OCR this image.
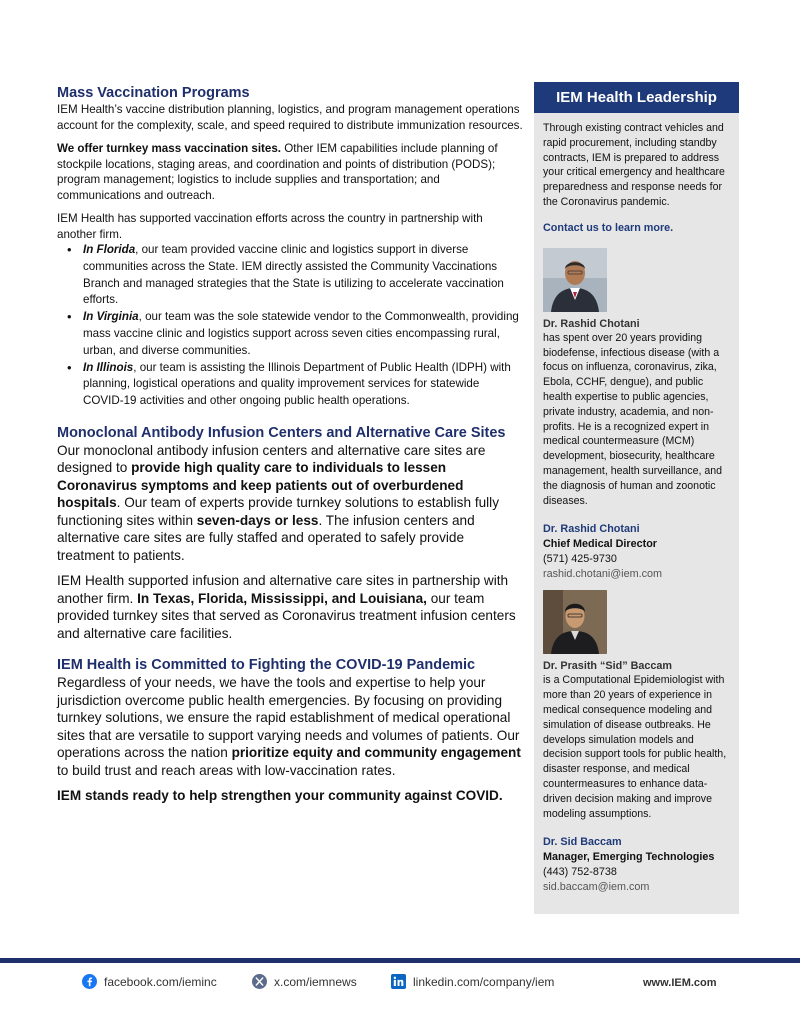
Mass Vaccination Programs

IEM Health’s vaccine distribution planning, logistics, and program management operations account for the complexity, scale, and speed required to distribute immunization resources.

We offer turnkey mass vaccination sites. Other IEM capabilities include planning of stockpile locations, staging areas, and coordination and points of distribution (PODS); program management; logistics to include supplies and transportation; and communications and outreach.

IEM Health has supported vaccination efforts across the country in partnership with another firm.

• In Florida, our team provided vaccine clinic and logistics support in diverse communities across the State. IEM directly assisted the Community Vaccinations Branch and managed strategies that the State is utilizing to accelerate vaccination efforts.
• In Virginia, our team was the sole statewide vendor to the Commonwealth, providing mass vaccine clinic and logistics support across seven cities encompassing rural, urban, and diverse communities.
• In Illinois, our team is assisting the Illinois Department of Public Health (IDPH) with planning, logistical operations and quality improvement services for statewide COVID-19 activities and other ongoing public health operations.
Monoclonal Antibody Infusion Centers and Alternative Care Sites

Our monoclonal antibody infusion centers and alternative care sites are designed to provide high quality care to individuals to lessen Coronavirus symptoms and keep patients out of overburdened hospitals. Our team of experts provide turnkey solutions to establish fully functioning sites within seven-days or less. The infusion centers and alternative care sites are fully staffed and operated to safely provide treatment to patients.

IEM Health supported infusion and alternative care sites in partnership with another firm. In Texas, Florida, Mississippi, and Louisiana, our team provided turnkey sites that served as Coronavirus treatment infusion centers and alternative care facilities.

IEM Health is Committed to Fighting the COVID-19 Pandemic

Regardless of your needs, we have the tools and expertise to help your jurisdiction overcome public health emergencies. By focusing on providing turnkey solutions, we ensure the rapid establishment of medical operational sites that are versatile to support varying needs and volumes of patients. Our operations across the nation prioritize equity and community engagement to build trust and reach areas with low-vaccination rates.

IEM stands ready to help strengthen your community against COVID.

IEM Health Leadership

Through existing contract vehicles and rapid procurement, including standby contracts, IEM is prepared to address your critical emergency and healthcare preparedness and response needs for the Coronavirus pandemic.

Contact us to learn more.
Dr. Rashid Chotani

has spent over 20 years providing biodefense, infectious disease (with a focus on influenza, coronavirus, zika, Ebola, CCHF, dengue), and public health expertise to public agencies, private industry, academia, and non-profits. He is a recognized expert in medical countermeasure (MCM) development, biosecurity, healthcare management, health surveillance, and the diagnosis of human and zoonotic diseases.

Dr. Rashid Chotani
Chief Medical Director
(571) 425-9730
rashid.chotani@iem.com
Dr. Prasith “Sid” Baccam

is a Computational Epidemiologist with more than 20 years of experience in medical consequence modeling and simulation of disease outbreaks. He develops simulation models and decision support tools for public health, disaster response, and medical countermeasures to enhance data-driven decision making and improve modeling assumptions.

Dr. Sid Baccam
Manager, Emerging Technologies
(443) 752-8738
sid.baccam@iem.com
facebook.com/ieminc	x.com/iemnews	linkedin.com/company/iem	www.IEM.com
